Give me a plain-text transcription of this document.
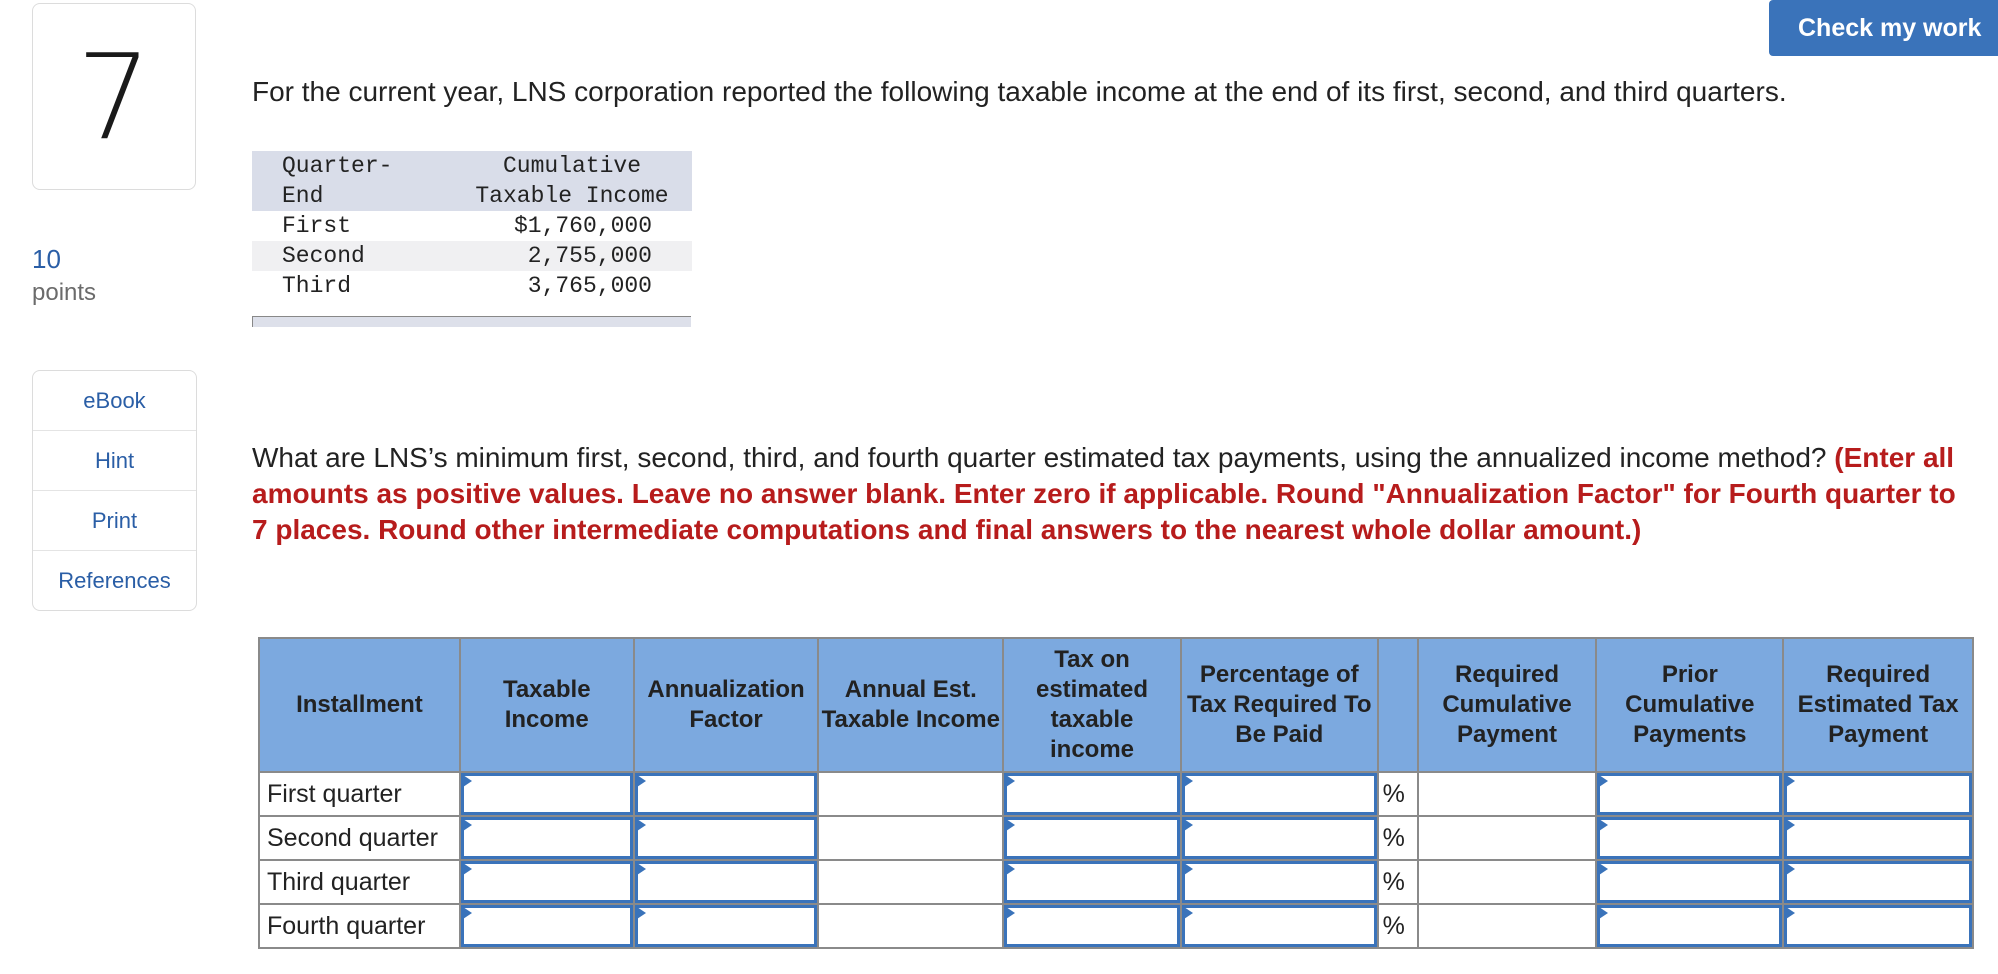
7
10
points
eBook
Hint
Print
References
Check my work
For the current year, LNS corporation reported the following taxable income at the end of its first, second, and third quarters.
Quarter-	Cumulative
End	Taxable Income
First	$1,760,000
Second	2,755,000
Third	3,765,000
What are LNS’s minimum first, second, third, and fourth quarter estimated tax payments, using the annualized income method? (Enter all amounts as positive values. Leave no answer blank. Enter zero if applicable. Round "Annualization Factor" for Fourth quarter to 7 places. Round other intermediate computations and final answers to the nearest whole dollar amount.)
Installment	Taxable Income	Annualization Factor	Annual Est. Taxable Income	Tax on estimated taxable income	Percentage of Tax Required To Be Paid		Required Cumulative Payment	Prior Cumulative Payments	Required Estimated Tax Payment
First quarter						%		

Second quarter						%		

Third quarter						%		

Fourth quarter						%		
